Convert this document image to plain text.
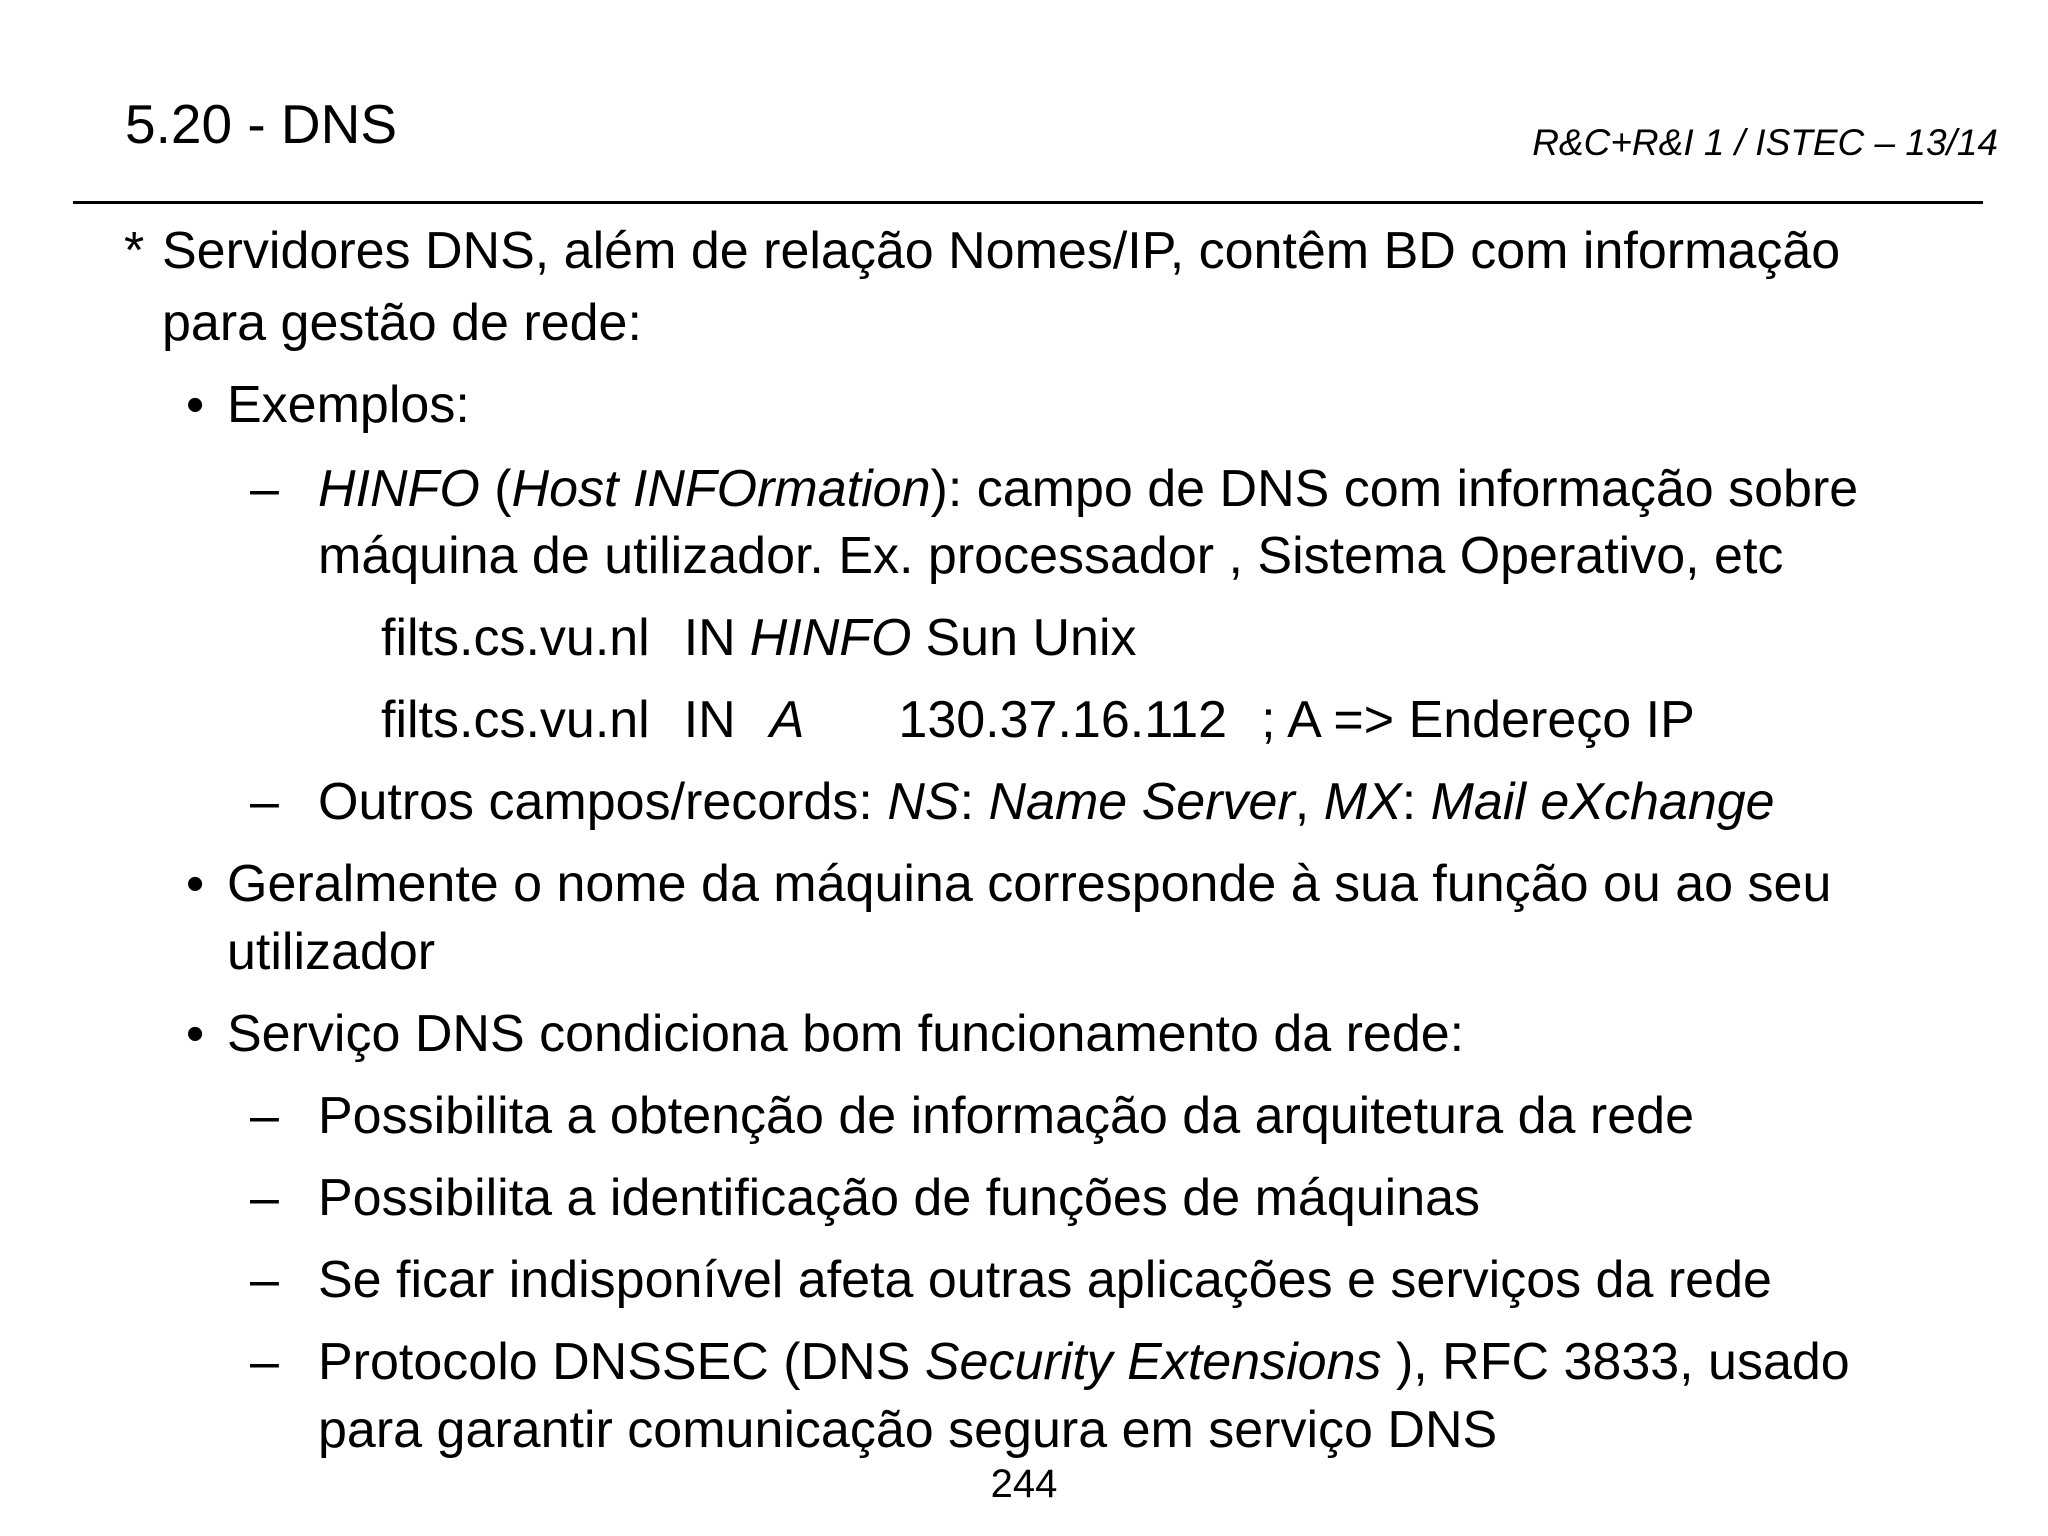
5.20 - DNS	R&C+R&I 1 / ISTEC – 13/14
* Servidores DNS, além de relação Nomes/IP, contêm BD com informação
para gestão de rede:
• Exemplos:
– HINFO (Host INFOrmation): campo de DNS com informação sobre
máquina de utilizador. Ex. processador , Sistema Operativo, etc
filts.cs.vu.nl IN HINFO Sun Unix
filts.cs.vu.nl IN A 130.37.16.112 ; A => Endereço IP
– Outros campos/records: NS: Name Server, MX: Mail eXchange
• Geralmente o nome da máquina corresponde à sua função ou ao seu
utilizador
• Serviço DNS condiciona bom funcionamento da rede:
– Possibilita a obtenção de informação da arquitetura da rede
– Possibilita a identificação de funções de máquinas
– Se ficar indisponível afeta outras aplicações e serviços da rede
– Protocolo DNSSEC (DNS Security Extensions ), RFC 3833, usado
para garantir comunicação segura em serviço DNS
244
